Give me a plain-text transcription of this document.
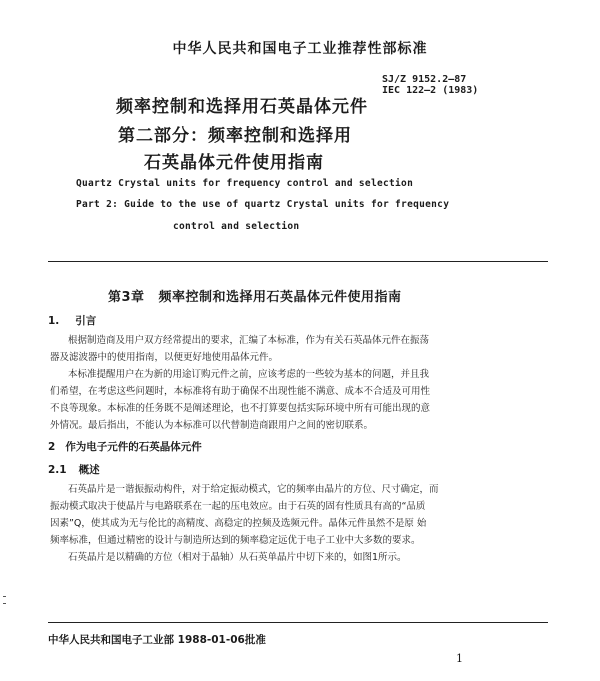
中华人民共和国电子工业推荐性部标准
SJ/Z 9152.2—87
IEC 122—2 (1983)
频率控制和选择用石英晶体元件
第二部分：频率控制和选择用
石英晶体元件使用指南
Quartz Crystal units for frequency control and selection
Part 2: Guide to the use of quartz Crystal units for frequency
control and selection
第3章 频率控制和选择用石英晶体元件使用指南
1. 引言
根据制造商及用户双方经常提出的要求，汇编了本标准，作为有关石英晶体元件在振荡
器及滤波器中的使用指南，以便更好地使用晶体元件。
本标准提醒用户在为新的用途订购元件之前，应该考虑的一些较为基本的问题，并且我
们希望，在考虑这些问题时，本标准将有助于确保不出现性能不满意、成本不合适及可用性
不良等现象。本标准的任务既不是阐述理论，也不打算要包括实际环境中所有可能出现的意
外情况。最后指出，不能认为本标准可以代替制造商跟用户之间的密切联系。
2 作为电子元件的石英晶体元件
2.1 概述
石英晶片是一谐振振动构件，对于给定振动模式，它的频率由晶片的方位、尺寸确定，而
振动模式取决于使晶片与电路联系在一起的压电效应。由于石英的固有性质具有高的“品质
因素”Q，使其成为无与伦比的高精度、高稳定的控频及选频元件。晶体元件虽然不是原 始
频率标准，但通过精密的设计与制造所达到的频率稳定远优于电子工业中大多数的要求。
石英晶片是以精确的方位（相对于晶轴）从石英单晶片中切下来的，如图1所示。
中华人民共和国电子工业部 1988-01-06批准
1
